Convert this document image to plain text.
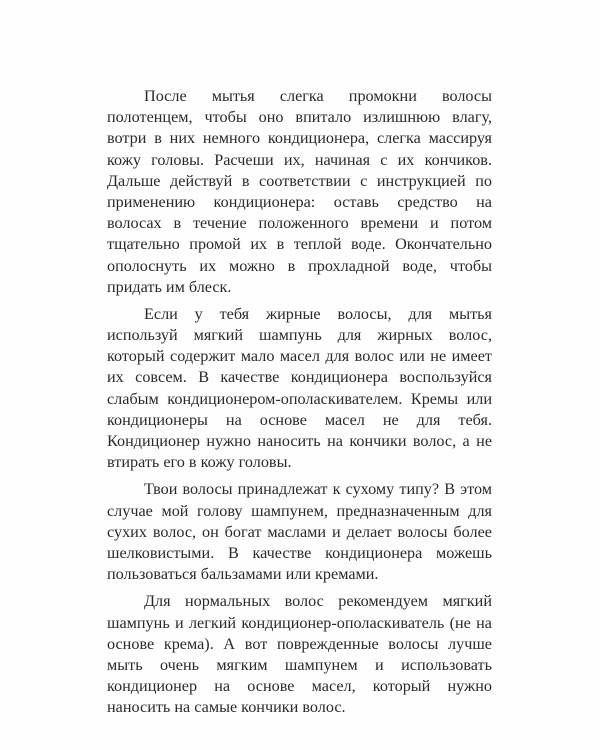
После мытья слегка промокни волосы
полотенцем, чтобы оно впитало излишнюю влагу,
вотри в них немного кондиционера, слегка массируя
кожу головы. Расчеши их, начиная с их кончиков.
Дальше действуй в соответствии с инструкцией по
применению кондиционера: оставь средство на
волосах в течение положенного времени и потом
тщательно промой их в теплой воде. Окончательно
ополоснуть их можно в прохладной воде, чтобы
придать им блеск.
Если у тебя жирные волосы, для мытья
используй мягкий шампунь для жирных волос,
который содержит мало масел для волос или не имеет
их совсем. В качестве кондиционера воспользуйся
слабым кондиционером-ополаскивателем. Кремы или
кондиционеры на основе масел не для тебя.
Кондиционер нужно наносить на кончики волос, а не
втирать его в кожу головы.
Твои волосы принадлежат к сухому типу? В этом
случае мой голову шампунем, предназначенным для
сухих волос, он богат маслами и делает волосы более
шелковистыми. В качестве кондиционера можешь
пользоваться бальзамами или кремами.
Для нормальных волос рекомендуем мягкий
шампунь и легкий кондиционер-ополаскиватель (не на
основе крема). А вот поврежденные волосы лучше
мыть очень мягким шампунем и использовать
кондиционер на основе масел, который нужно
наносить на самые кончики волос.
